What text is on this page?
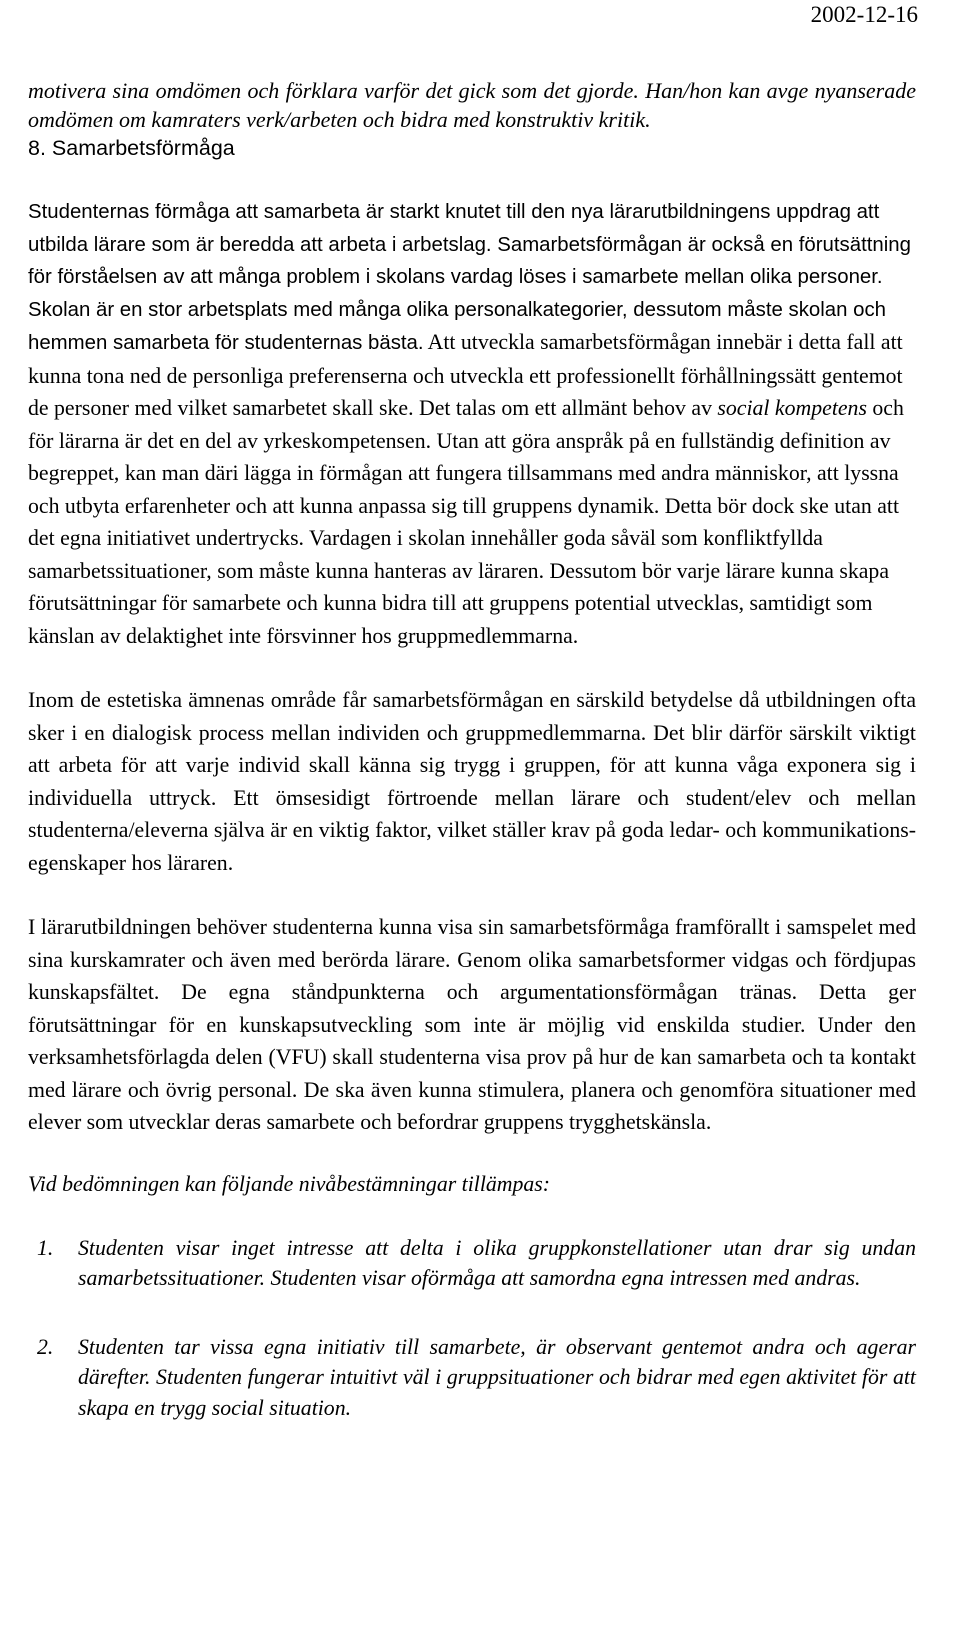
2002-12-16

motivera sina omdömen och förklara varför det gick som det gjorde. Han/hon kan avge nyanserade omdömen om kamraters verk/arbeten och bidra med konstruktiv kritik.

8. Samarbetsförmåga

Studenternas förmåga att samarbeta är starkt knutet till den nya lärarutbildningens uppdrag att utbilda lärare som är beredda att arbeta i arbetslag. Samarbetsförmågan är också en förutsättning för förståelsen av att många problem i skolans vardag löses i samarbete mellan olika personer. Skolan är en stor arbetsplats med många olika personalkategorier, dessutom måste skolan och hemmen samarbeta för studenternas bästa.

Att utveckla samarbetsförmågan innebär i detta fall att kunna tona ned de personliga preferenserna och utveckla ett professionellt förhållningssätt gentemot de personer med vilket samarbetet skall ske. Det talas om ett allmänt behov av social kompetens och för lärarna är det en del av yrkeskompetensen. Utan att göra anspråk på en fullständig definition av begreppet, kan man däri lägga in förmågan att fungera tillsammans med andra människor, att lyssna och utbyta erfarenheter och att kunna anpassa sig till gruppens dynamik. Detta bör dock ske utan att det egna initiativet undertrycks. Vardagen i skolan innehåller goda såväl som konfliktfyllda samarbetssituationer, som måste kunna hanteras av läraren. Dessutom bör varje lärare kunna skapa förutsättningar för samarbete och kunna bidra till att gruppens potential utvecklas, samtidigt som känslan av delaktighet inte försvinner hos gruppmedlemmarna.

Inom de estetiska ämnenas område får samarbetsförmågan en särskild betydelse då utbildningen ofta sker i en dialogisk process mellan individen och gruppmedlemmarna. Det blir därför särskilt viktigt att arbeta för att varje individ skall känna sig trygg i gruppen, för att kunna våga exponera sig i individuella uttryck. Ett ömsesidigt förtroende mellan lärare och student/elev och mellan studenterna/eleverna själva är en viktig faktor, vilket ställer krav på goda ledar- och kommunikations-egenskaper hos läraren.

I lärarutbildningen behöver studenterna kunna visa sin samarbetsförmåga framförallt i samspelet med sina kurskamrater och även med berörda lärare. Genom olika samarbetsformer vidgas och fördjupas kunskapsfältet. De egna ståndpunkterna och argumentationsförmågan tränas. Detta ger förutsättningar för en kunskapsutveckling som inte är möjlig vid enskilda studier. Under den verksamhetsförlagda delen (VFU) skall studenterna visa prov på hur de kan samarbeta och ta kontakt med lärare och övrig personal. De ska även kunna stimulera, planera och genomföra situationer med elever som utvecklar deras samarbete och befordrar gruppens trygghetskänsla.

Vid bedömningen kan följande nivåbestämningar tillämpas:

1. Studenten visar inget intresse att delta i olika gruppkonstellationer utan drar sig undan samarbetssituationer. Studenten visar oförmåga att samordna egna intressen med andras.
2. Studenten tar vissa egna initiativ till samarbete, är observant gentemot andra och agerar därefter. Studenten fungerar intuitivt väl i gruppsituationer och bidrar med egen aktivitet för att skapa en trygg social situation.
